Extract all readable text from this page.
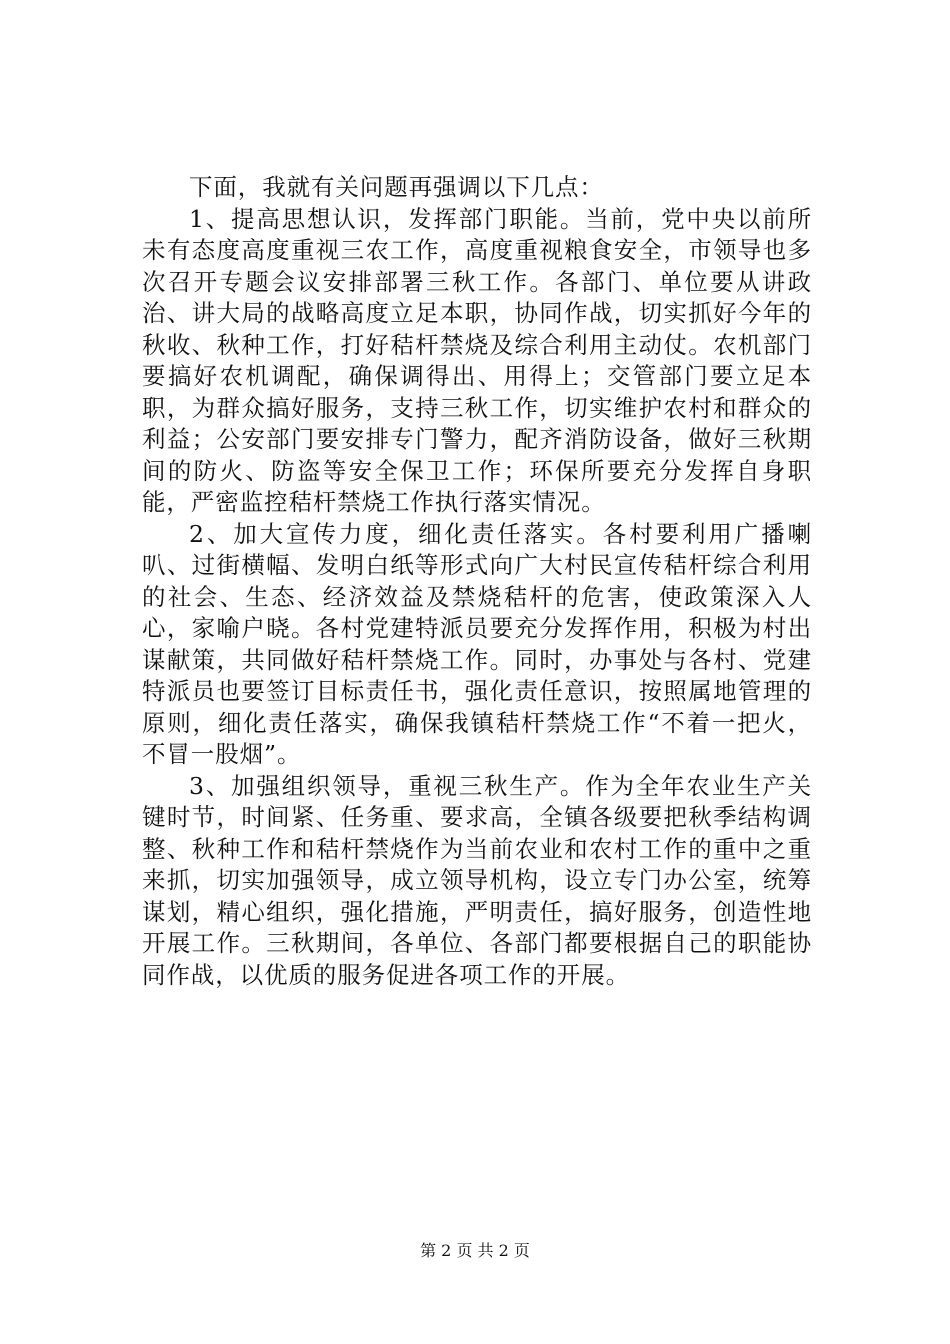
下面，我就有关问题再强调以下几点：

1、提高思想认识，发挥部门职能。当前，党中央以前所未有态度高度重视三农工作，高度重视粮食安全，市领导也多次召开专题会议安排部署三秋工作。各部门、单位要从讲政治、讲大局的战略高度立足本职，协同作战，切实抓好今年的秋收、秋种工作，打好秸杆禁烧及综合利用主动仗。农机部门要搞好农机调配，确保调得出、用得上；交管部门要立足本职，为群众搞好服务，支持三秋工作，切实维护农村和群众的利益；公安部门要安排专门警力，配齐消防设备，做好三秋期间的防火、防盗等安全保卫工作；环保所要充分发挥自身职能，严密监控秸杆禁烧工作执行落实情况。

2、加大宣传力度，细化责任落实。各村要利用广播喇叭、过街横幅、发明白纸等形式向广大村民宣传秸杆综合利用的社会、生态、经济效益及禁烧秸杆的危害，使政策深入人心，家喻户晓。各村党建特派员要充分发挥作用，积极为村出谋献策，共同做好秸杆禁烧工作。同时，办事处与各村、党建特派员也要签订目标责任书，强化责任意识，按照属地管理的原则，细化责任落实，确保我镇秸杆禁烧工作“不着一把火，不冒一股烟”。

3、加强组织领导，重视三秋生产。作为全年农业生产关键时节，时间紧、任务重、要求高，全镇各级要把秋季结构调整、秋种工作和秸杆禁烧作为当前农业和农村工作的重中之重来抓，切实加强领导，成立领导机构，设立专门办公室，统筹谋划，精心组织，强化措施，严明责任，搞好服务，创造性地开展工作。三秋期间，各单位、各部门都要根据自己的职能协同作战，以优质的服务促进各项工作的开展。

第 2 页 共 2 页
